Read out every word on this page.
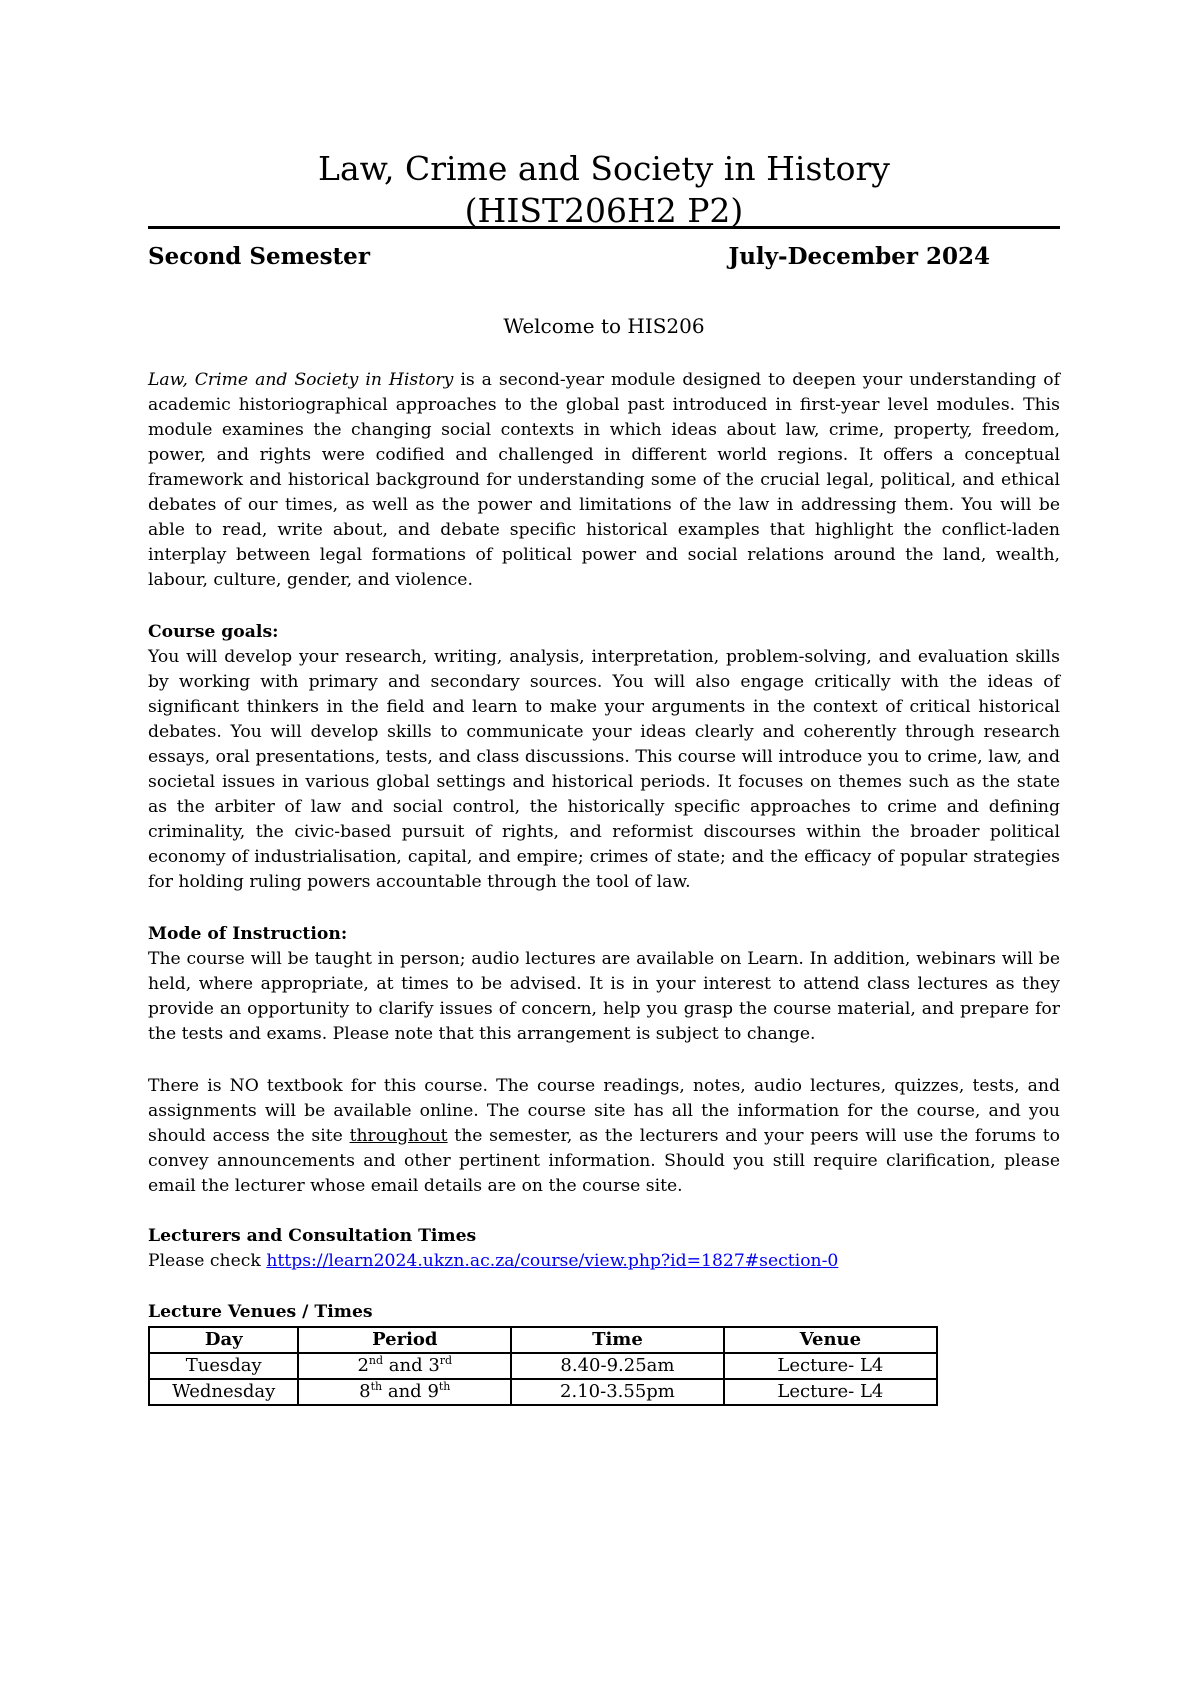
Law, Crime and Society in History
(HIST206H2 P2)
Second Semester	July-December 2024
Welcome to HIS206

Law, Crime and Society in History is a second-year module designed to deepen your understanding of academic historiographical approaches to the global past introduced in first-year level modules. This module examines the changing social contexts in which ideas about law, crime, property, freedom, power, and rights were codified and challenged in different world regions. It offers a conceptual framework and historical background for understanding some of the crucial legal, political, and ethical debates of our times, as well as the power and limitations of the law in addressing them. You will be able to read, write about, and debate specific historical examples that highlight the conflict-laden interplay between legal formations of political power and social relations around the land, wealth, labour, culture, gender, and violence.

Course goals:

You will develop your research, writing, analysis, interpretation, problem-solving, and evaluation skills by working with primary and secondary sources. You will also engage critically with the ideas of significant thinkers in the field and learn to make your arguments in the context of critical historical debates. You will develop skills to communicate your ideas clearly and coherently through research essays, oral presentations, tests, and class discussions. This course will introduce you to crime, law, and societal issues in various global settings and historical periods. It focuses on themes such as the state as the arbiter of law and social control, the historically specific approaches to crime and defining criminality, the civic-based pursuit of rights, and reformist discourses within the broader political economy of industrialisation, capital, and empire; crimes of state; and the efficacy of popular strategies for holding ruling powers accountable through the tool of law.

Mode of Instruction:

The course will be taught in person; audio lectures are available on Learn. In addition, webinars will be held, where appropriate, at times to be advised. It is in your interest to attend class lectures as they provide an opportunity to clarify issues of concern, help you grasp the course material, and prepare for the tests and exams. Please note that this arrangement is subject to change.

There is NO textbook for this course. The course readings, notes, audio lectures, quizzes, tests, and assignments will be available online. The course site has all the information for the course, and you should access the site throughout the semester, as the lecturers and your peers will use the forums to convey announcements and other pertinent information. Should you still require clarification, please email the lecturer whose email details are on the course site.

Lecturers and Consultation Times

Please check https://learn2024.ukzn.ac.za/course/view.php?id=1827#section-0

Lecture Venues / Times

Day	Period	Time	Venue
Tuesday	2nd and 3rd	8.40-9.25am	Lecture- L4
Wednesday	8th and 9th	2.10-3.55pm	Lecture- L4
